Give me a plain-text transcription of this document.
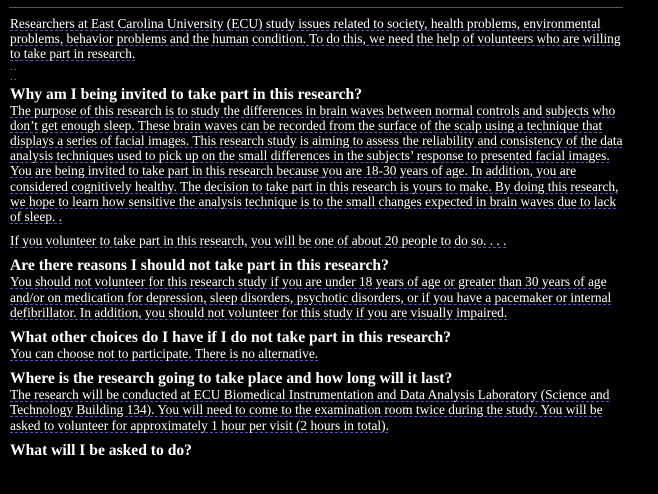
Researchers at East Carolina University (ECU) study issues related to society, health problems, environmental problems, behavior problems and the human condition. To do this, we need the help of volunteers who are willing to take part in research.

..
..
Why am I being invited to take part in this research?

The purpose of this research is to study the differences in brain waves between normal controls and subjects who don’t get enough sleep. These brain waves can be recorded from the surface of the scalp using a technique that displays a series of facial images. This research study is aiming to assess the reliability and consistency of the data analysis techniques used to pick up on the small differences in the subjects’ response to presented facial images. You are being invited to take part in this research because you are 18-30 years of age. In addition, you are considered cognitively healthy. The decision to take part in this research is yours to make. By doing this research, we hope to learn how sensitive the analysis technique is to the small changes expected in brain waves due to lack of sleep. .

If you volunteer to take part in this research, you will be one of about 20 people to do so. . . .

Are there reasons I should not take part in this research?

You should not volunteer for this research study if you are under 18 years of age or greater than 30 years of age and/or on medication for depression, sleep disorders, psychotic disorders, or if you have a pacemaker or internal defibrillator. In addition, you should not volunteer for this study if you are visually impaired.

What other choices do I have if I do not take part in this research?

You can choose not to participate. There is no alternative.

Where is the research going to take place and how long will it last?

The research will be conducted at ECU Biomedical Instrumentation and Data Analysis Laboratory (Science and Technology Building 134). You will need to come to the examination room twice during the study. You will be asked to volunteer for approximately 1 hour per visit (2 hours in total).

What will I be asked to do?
